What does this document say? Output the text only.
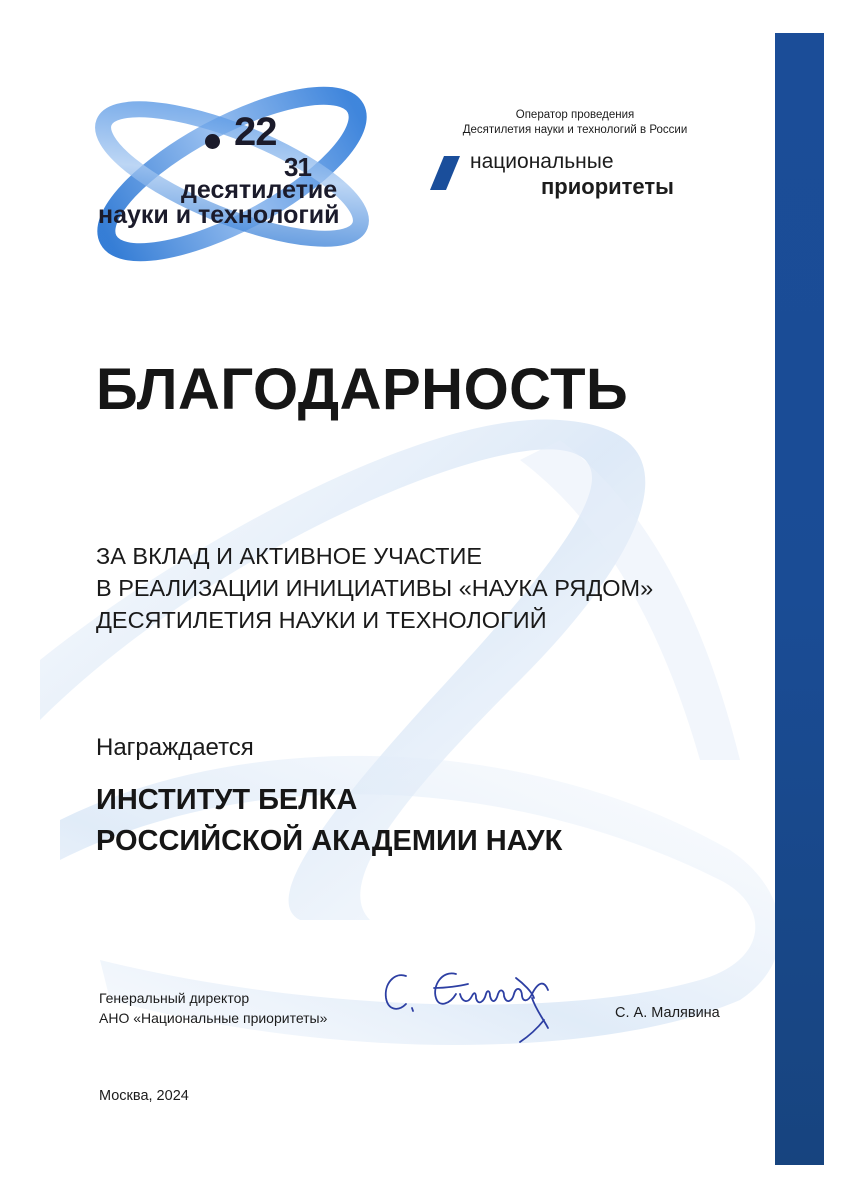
22
31
десятилетие
науки и технологий
Оператор проведения
Десятилетия науки и технологий в России
национальные
приоритеты
БЛАГОДАРНОСТЬ
ЗА ВКЛАД И АКТИВНОЕ УЧАСТИЕ
В РЕАЛИЗАЦИИ ИНИЦИАТИВЫ «НАУКА РЯДОМ»
ДЕСЯТИЛЕТИЯ НАУКИ И ТЕХНОЛОГИЙ
Награждается
ИНСТИТУТ БЕЛКА
РОССИЙСКОЙ АКАДЕМИИ НАУК
Генеральный директор
АНО «Национальные приоритеты»	С. А. Малявина
Москва, 2024
